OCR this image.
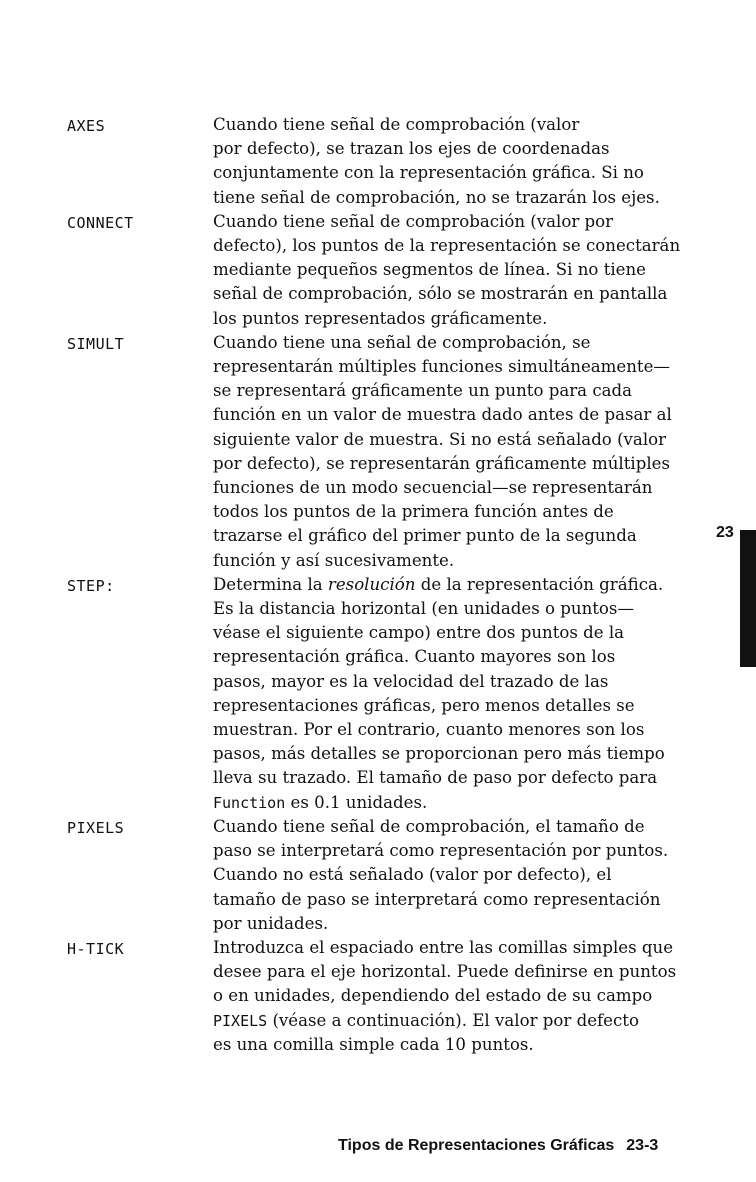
AXES	Cuando tiene señal de comprobación (valor
por defecto), se trazan los ejes de coordenadas
conjuntamente con la representación gráfica. Si no
tiene señal de comprobación, no se trazarán los ejes.
CONNECT	Cuando tiene señal de comprobación (valor por
defecto), los puntos de la representación se conectarán
mediante pequeños segmentos de línea. Si no tiene
señal de comprobación, sólo se mostrarán en pantalla
los puntos representados gráficamente.
SIMULT	Cuando tiene una señal de comprobación, se
representarán múltiples funciones simultáneamente—
se representará gráficamente un punto para cada
función en un valor de muestra dado antes de pasar al
siguiente valor de muestra. Si no está señalado (valor
por defecto), se representarán gráficamente múltiples
funciones de un modo secuencial—se representarán
todos los puntos de la primera función antes de
trazarse el gráfico del primer punto de la segunda
función y así sucesivamente.
STEP:	Determina la resolución de la representación gráfica.
Es la distancia horizontal (en unidades o puntos—
véase el siguiente campo) entre dos puntos de la
representación gráfica. Cuanto mayores son los
pasos, mayor es la velocidad del trazado de las
representaciones gráficas, pero menos detalles se
muestran. Por el contrario, cuanto menores son los
pasos, más detalles se proporcionan pero más tiempo
lleva su trazado. El tamaño de paso por defecto para
Function es 0.1 unidades.
PIXELS	Cuando tiene señal de comprobación, el tamaño de
paso se interpretará como representación por puntos.
Cuando no está señalado (valor por defecto), el
tamaño de paso se interpretará como representación
por unidades.
H-TICK	Introduzca el espaciado entre las comillas simples que
desee para el eje horizontal. Puede definirse en puntos
o en unidades, dependiendo del estado de su campo
PIXELS (véase a continuación). El valor por defecto
es una comilla simple cada 10 puntos.
23
Tipos de Representaciones Gráficas 23-3
